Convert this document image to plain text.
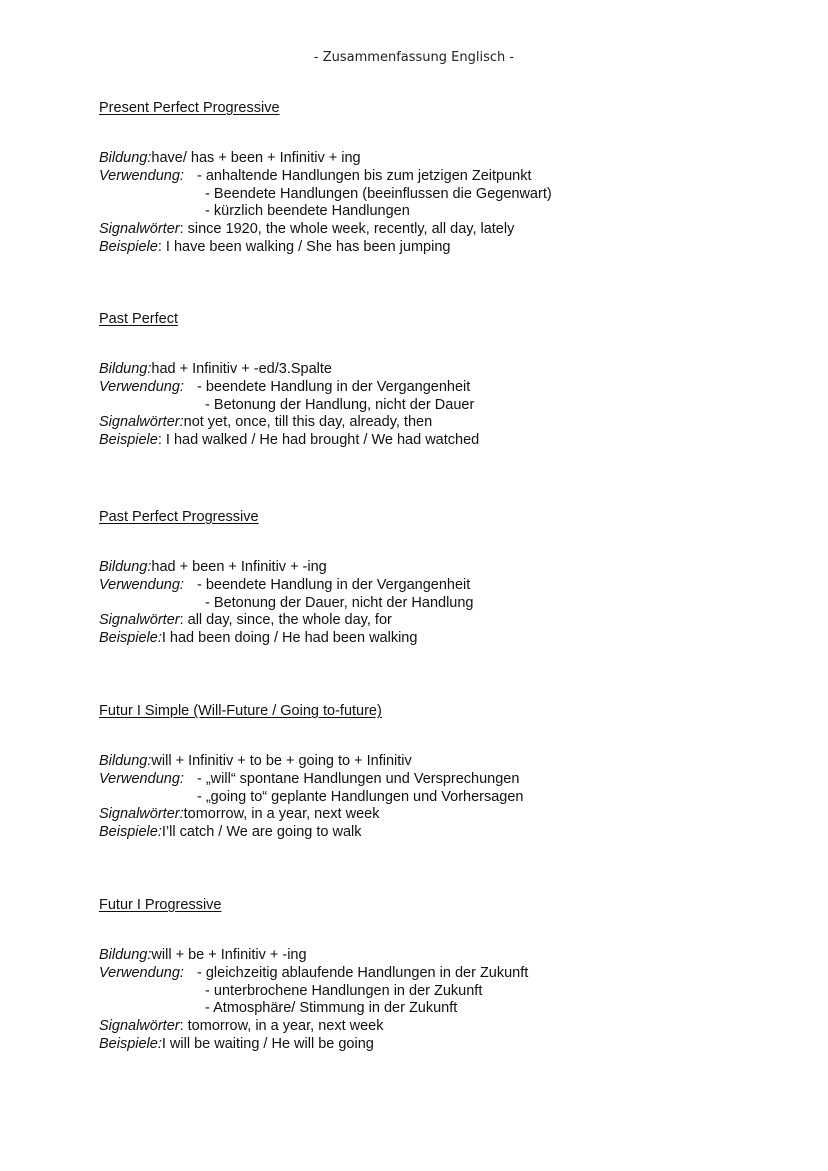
- Zusammenfassung Englisch -

Present Perfect Progressive

Bildung: have/ has + been + Infinitiv + ing
Verwendung: - anhaltende Handlungen bis zum jetzigen Zeitpunkt
- Beendete Handlungen (beeinflussen die Gegenwart)
- kürzlich beendete Handlungen
Signalwörter : since 1920, the whole week, recently, all day, lately
Beispiele : I have been walking / She has been jumping

Past Perfect

Bildung: had + Infinitiv + -ed/3.Spalte
Verwendung: - beendete Handlung in der Vergangenheit
- Betonung der Handlung, nicht der Dauer
Signalwörter: not yet, once, till this day, already, then
Beispiele : I had walked / He had brought / We had watched

Past Perfect Progressive

Bildung: had + been + Infinitiv + -ing
Verwendung: - beendete Handlung in der Vergangenheit
- Betonung der Dauer, nicht der Handlung
Signalwörter : all day, since, the whole day, for
Beispiele: I had been doing / He had been walking

Futur I Simple (Will-Future / Going to-future)

Bildung: will + Infinitiv + to be + going to + Infinitiv
Verwendung: - „will“ spontane Handlungen und Versprechungen
- „going to“ geplante Handlungen und Vorhersagen
Signalwörter: tomorrow, in a year, next week
Beispiele: I’ll catch / We are going to walk

Futur I Progressive

Bildung: will + be + Infinitiv + -ing
Verwendung: - gleichzeitig ablaufende Handlungen in der Zukunft
- unterbrochene Handlungen in der Zukunft
- Atmosphäre/ Stimmung in der Zukunft
Signalwörter : tomorrow, in a year, next week
Beispiele: I will be waiting / He will be going
